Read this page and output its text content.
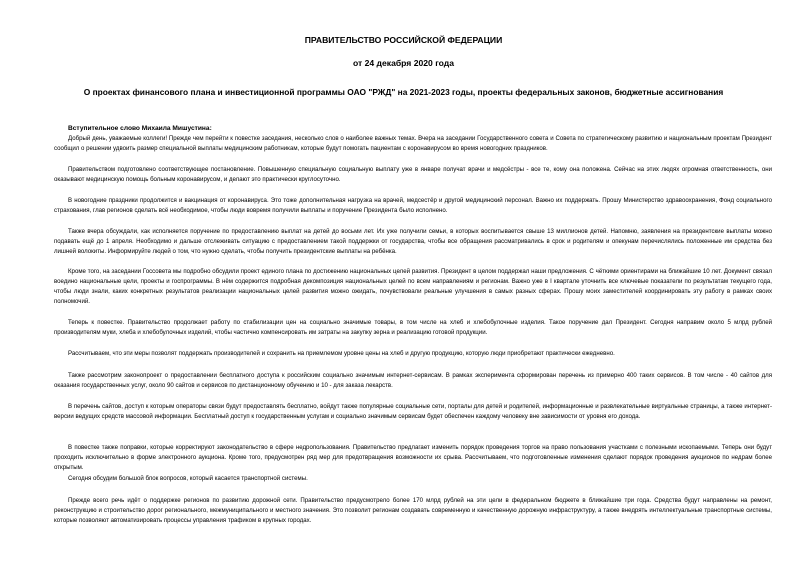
ПРАВИТЕЛЬСТВО РОССИЙСКОЙ ФЕДЕРАЦИИ
от 24 декабря 2020 года
О проектах финансового плана и инвестиционной программы ОАО "РЖД" на 2021-2023 годы, проекты федеральных законов, бюджетные ассигнования
Вступительное слово Михаила Мишустина:

Добрый день, уважаемые коллеги! Прежде чем перейти к повестке заседания, несколько слов о наиболее важных темах. Вчера на заседании Государственного совета и Совета по стратегическому развитию и национальным проектам Президент сообщил о решении удвоить размер специальной выплаты медицинским работникам, которые будут помогать пациентам с коронавирусом во время новогодних праздников.

Правительством подготовлено соответствующее постановление. Повышенную специальную социальную выплату уже в январе получат врачи и медсёстры - все те, кому она положена. Сейчас на этих людях огромная ответственность, они оказывают медицинскую помощь больным коронавирусом, и делают это практически круглосуточно.

В новогодние праздники продолжится и вакцинация от коронавируса. Это тоже дополнительная нагрузка на врачей, медсестёр и другой медицинский персонал. Важно их поддержать. Прошу Министерство здравоохранения, Фонд социального страхования, глав регионов сделать всё необходимое, чтобы люди вовремя получили выплаты и поручение Президента было исполнено.

Также вчера обсуждали, как исполняется поручение по предоставлению выплат на детей до восьми лет. Их уже получили семьи, в которых воспитывается свыше 13 миллионов детей. Напомню, заявления на президентские выплаты можно подавать ещё до 1 апреля. Необходимо и дальше отслеживать ситуацию с предоставлением такой поддержки от государства, чтобы все обращения рассматривались в срок и родителям и опекунам перечислялись положенные им средства без лишней волокиты. Информируйте людей о том, что нужно сделать, чтобы получить президентские выплаты на ребёнка.

Кроме того, на заседании Госсовета мы подробно обсудили проект единого плана по достижению национальных целей развития. Президент в целом поддержал наши предложения. С чёткими ориентирами на ближайшие 10 лет. Документ связал воедино национальные цели, проекты и госпрограммы. В нём содержится подробная декомпозиция национальных целей по всем направлениям и регионам. Важно уже в I квартале уточнить все ключевые показатели по результатам текущего года, чтобы люди знали, каких конкретных результатов реализации национальных целей развития можно ожидать, почувствовали реальные улучшения в самых разных сферах. Прошу моих заместителей координировать эту работу в рамках своих полномочий.

Теперь к повестке. Правительство продолжает работу по стабилизации цен на социально значимые товары, в том числе на хлеб и хлебобулочные изделия. Такое поручение дал Президент. Сегодня направим около 5 млрд рублей производителям муки, хлеба и хлебобулочных изделий, чтобы частично компенсировать им затраты на закупку зерна и реализацию готовой продукции.

Рассчитываем, что эти меры позволят поддержать производителей и сохранить на приемлемом уровне цены на хлеб и другую продукцию, которую люди приобретают практически ежедневно.

Также рассмотрим законопроект о предоставлении бесплатного доступа к российским социально значимым интернет-сервисам. В рамках эксперимента сформирован перечень из примерно 400 таких сервисов. В том числе - 40 сайтов для оказания государственных услуг, около 90 сайтов и сервисов по дистанционному обучению и 10 - для заказа лекарств.

В перечень сайтов, доступ к которым операторы связи будут предоставлять бесплатно, войдут также популярные социальные сети, порталы для детей и родителей, информационные и развлекательные виртуальные страницы, а также интернет-версии ведущих средств массовой информации. Бесплатный доступ к государственным услугам и социально значимым сервисам будет обеспечен каждому человеку вне зависимости от уровня его дохода.

В повестке также поправки, которые корректируют законодательство в сфере недропользования. Правительство предлагает изменить порядок проведения торгов на право пользования участками с полезными ископаемыми. Теперь они будут проходить исключительно в форме электронного аукциона. Кроме того, предусмотрен ряд мер для предотвращения возможности их срыва. Рассчитываем, что подготовленные изменения сделают порядок проведения аукционов по недрам более открытым.

Сегодня обсудим большой блок вопросов, который касается транспортной системы.

Прежде всего речь идёт о поддержке регионов по развитию дорожной сети. Правительство предусмотрело более 170 млрд рублей на эти цели в федеральном бюджете в ближайшие три года. Средства будут направлены на ремонт, реконструкцию и строительство дорог регионального, межмуниципального и местного значения. Это позволит регионам создавать современную и качественную дорожную инфраструктуру, а также внедрять интеллектуальные транспортные системы, которые позволяют автоматизировать процессы управления трафиком в крупных городах.
